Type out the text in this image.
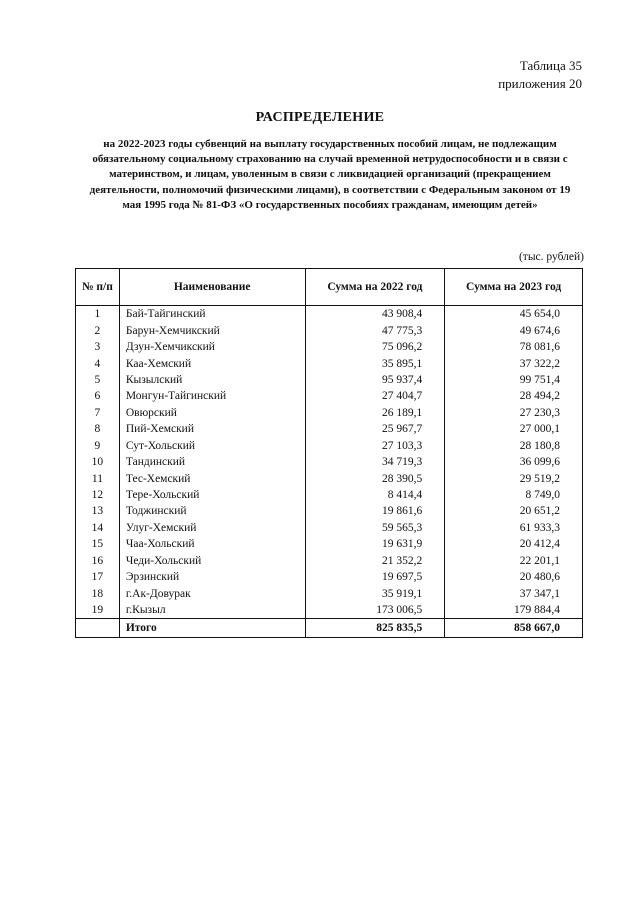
Таблица 35
приложения 20
РАСПРЕДЕЛЕНИЕ
на 2022-2023 годы субвенций на выплату государственных пособий лицам, не подлежащим обязательному социальному страхованию на случай временной нетрудоспособности и в связи с материнством, и лицам, уволенным в связи с ликвидацией организаций (прекращением деятельности, полномочий физическими лицами), в соответствии с Федеральным законом от 19 мая 1995 года № 81-ФЗ «О государственных пособиях гражданам, имеющим детей»
(тыс. рублей)
№ п/п	Наименование	Сумма на 2022 год	Сумма на 2023 год
1	Бай-Тайгинский	43 908,4	45 654,0
2	Барун-Хемчикский	47 775,3	49 674,6
3	Дзун-Хемчикский	75 096,2	78 081,6
4	Каа-Хемский	35 895,1	37 322,2
5	Кызылский	95 937,4	99 751,4
6	Монгун-Тайгинский	27 404,7	28 494,2
7	Овюрский	26 189,1	27 230,3
8	Пий-Хемский	25 967,7	27 000,1
9	Сут-Хольский	27 103,3	28 180,8
10	Тандинский	34 719,3	36 099,6
11	Тес-Хемский	28 390,5	29 519,2
12	Тере-Хольский	8 414,4	8 749,0
13	Тоджинский	19 861,6	20 651,2
14	Улуг-Хемский	59 565,3	61 933,3
15	Чаа-Хольский	19 631,9	20 412,4
16	Чеди-Хольский	21 352,2	22 201,1
17	Эрзинский	19 697,5	20 480,6
18	г.Ак-Довурак	35 919,1	37 347,1
19	г.Кызыл	173 006,5	179 884,4
	Итого	825 835,5	858 667,0
